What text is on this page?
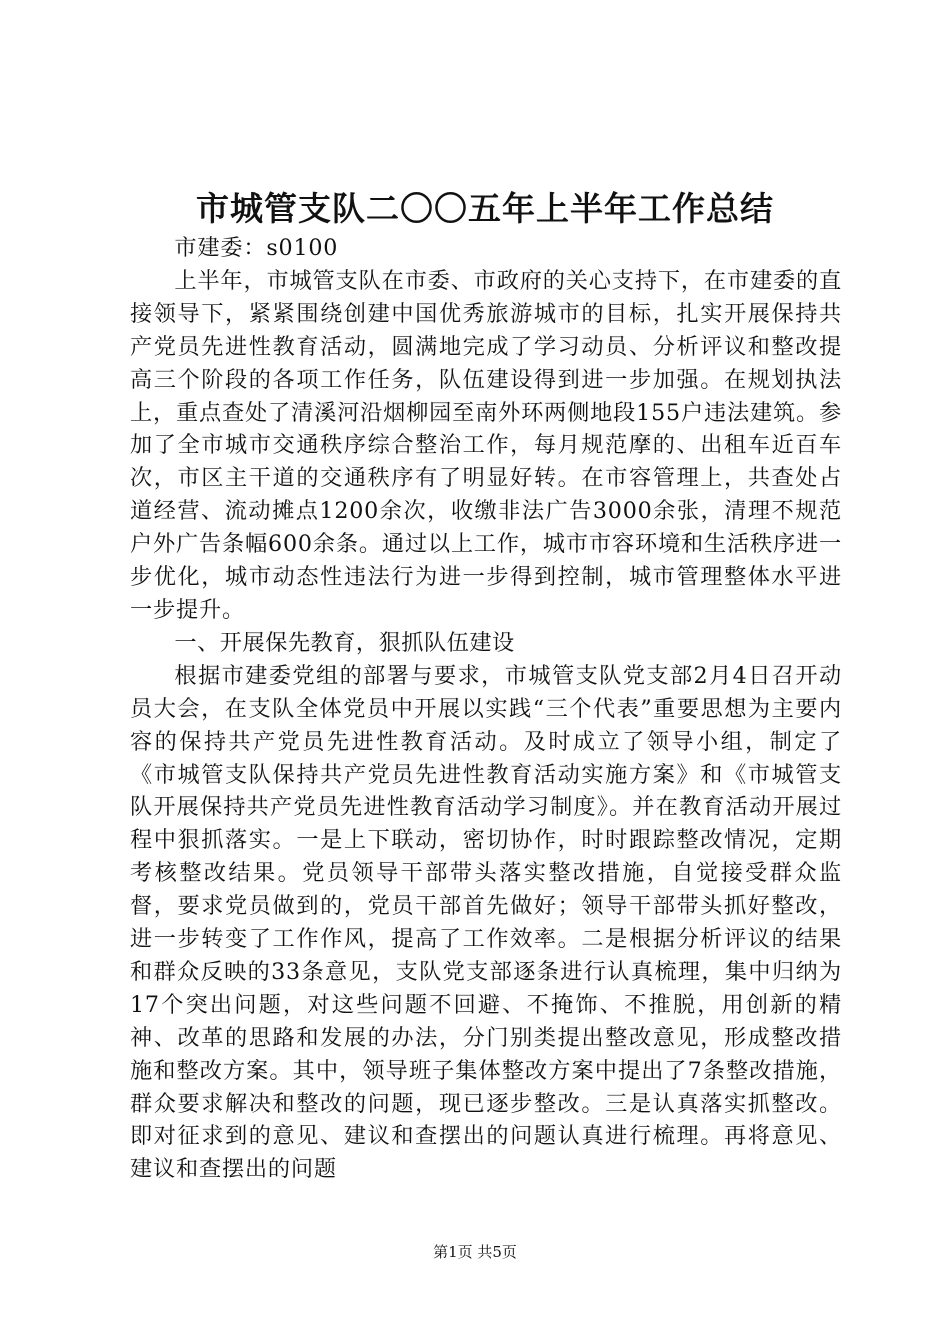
市城管支队二〇〇五年上半年工作总结

市建委：s0100

上半年，市城管支队在市委、市政府的关心支持下，在市建委的直接领导下，紧紧围绕创建中国优秀旅游城市的目标，扎实开展保持共产党员先进性教育活动，圆满地完成了学习动员、分析评议和整改提高三个阶段的各项工作任务，队伍建设得到进一步加强。在规划执法上，重点查处了清溪河沿烟柳园至南外环两侧地段155户违法建筑。参加了全市城市交通秩序综合整治工作，每月规范摩的、出租车近百车次，市区主干道的交通秩序有了明显好转。在市容管理上，共查处占道经营、流动摊点1200余次，收缴非法广告3000余张，清理不规范户外广告条幅600余条。通过以上工作，城市市容环境和生活秩序进一步优化，城市动态性违法行为进一步得到控制，城市管理整体水平进一步提升。

一、开展保先教育，狠抓队伍建设

根据市建委党组的部署与要求，市城管支队党支部2月4日召开动员大会，在支队全体党员中开展以实践“三个代表”重要思想为主要内容的保持共产党员先进性教育活动。及时成立了领导小组，制定了《市城管支队保持共产党员先进性教育活动实施方案》和《市城管支队开展保持共产党员先进性教育活动学习制度》。并在教育活动开展过程中狠抓落实。一是上下联动，密切协作，时时跟踪整改情况，定期考核整改结果。党员领导干部带头落实整改措施，自觉接受群众监督，要求党员做到的，党员干部首先做好；领导干部带头抓好整改，进一步转变了工作作风，提高了工作效率。二是根据分析评议的结果和群众反映的33条意见，支队党支部逐条进行认真梳理，集中归纳为17个突出问题，对这些问题不回避、不掩饰、不推脱，用创新的精神、改革的思路和发展的办法，分门别类提出整改意见，形成整改措施和整改方案。其中，领导班子集体整改方案中提出了7条整改措施，群众要求解决和整改的问题，现已逐步整改。三是认真落实抓整改。即对征求到的意见、建议和查摆出的问题认真进行梳理。再将意见、建议和查摆出的问题

第1页 共5页
